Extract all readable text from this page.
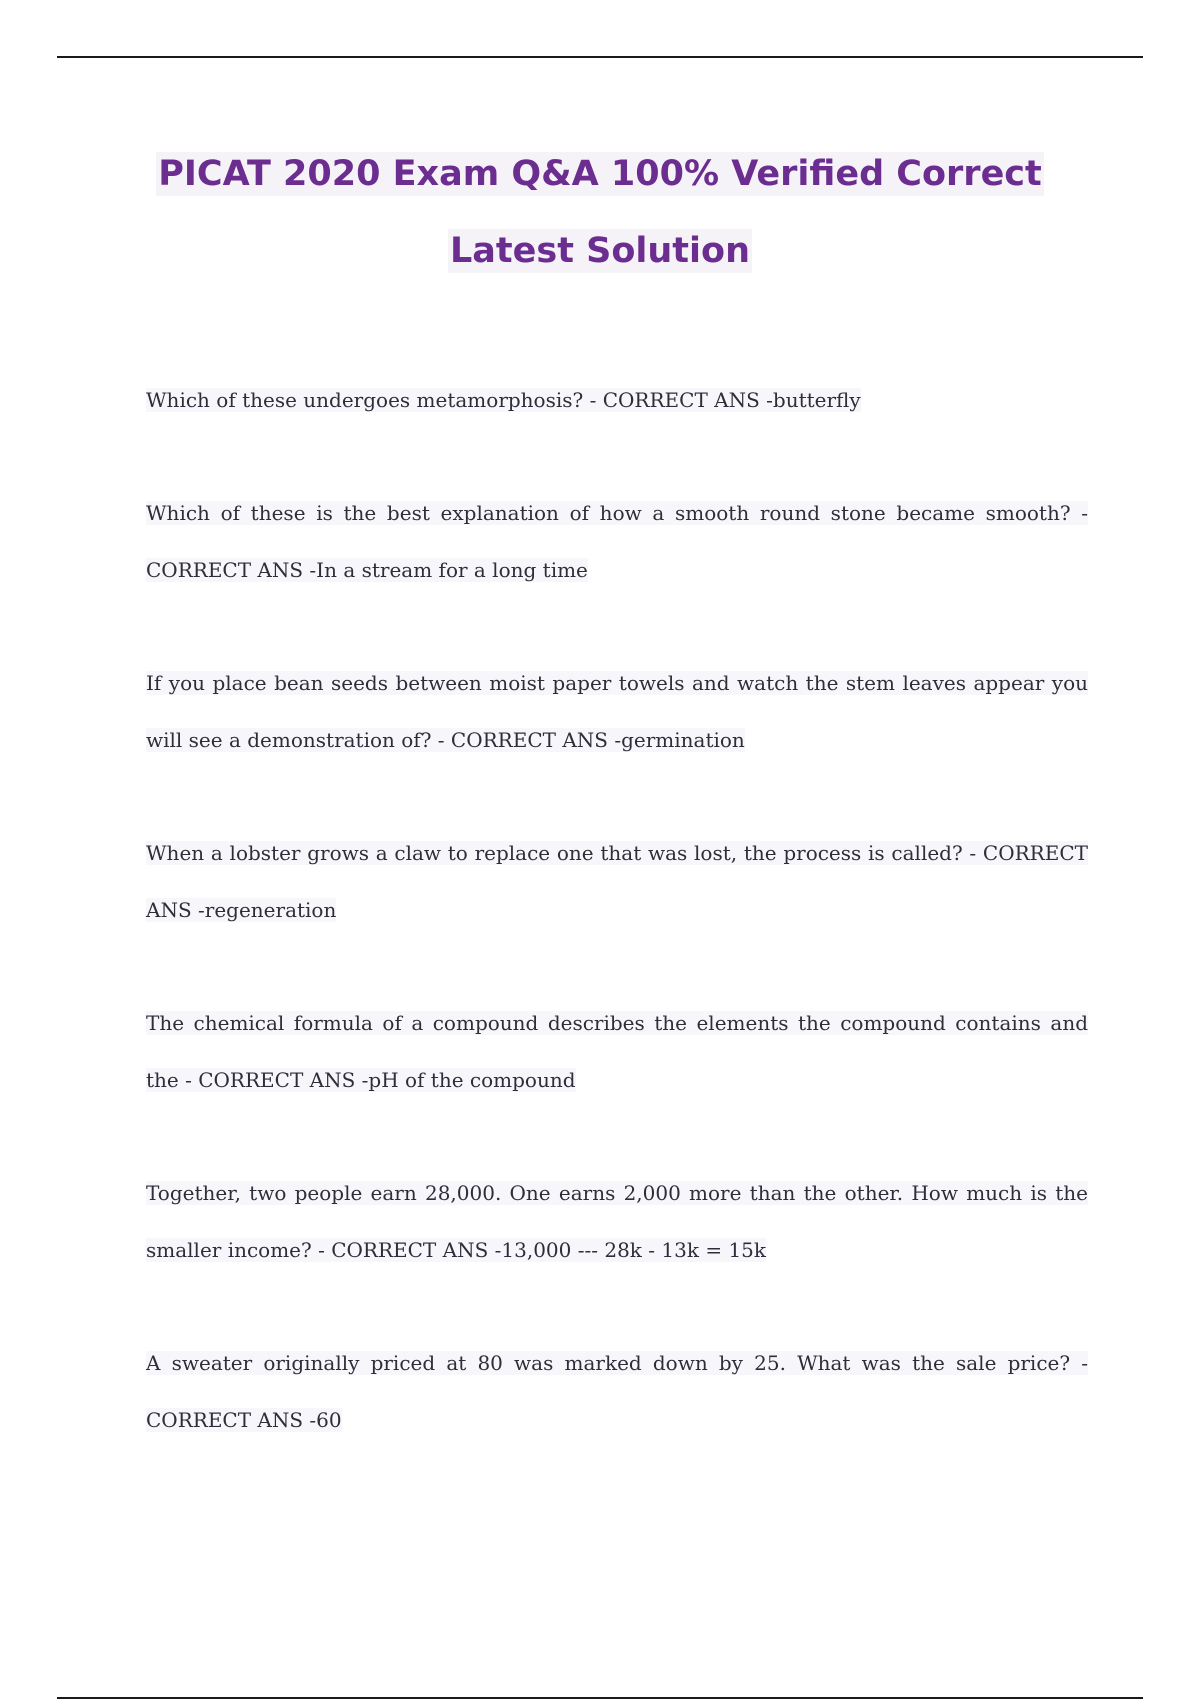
PICAT 2020 Exam Q&A 100% Verified Correct
Latest Solution
Which of these undergoes metamorphosis? - CORRECT ANS -butterfly
Which of these is the best explanation of how a smooth round stone became smooth? - CORRECT ANS -In a stream for a long time
If you place bean seeds between moist paper towels and watch the stem leaves appear you will see a demonstration of? - CORRECT ANS -germination
When a lobster grows a claw to replace one that was lost, the process is called? - CORRECT ANS -regeneration
The chemical formula of a compound describes the elements the compound contains and the - CORRECT ANS -pH of the compound
Together, two people earn 28,000. One earns 2,000 more than the other. How much is the smaller income? - CORRECT ANS -13,000 --- 28k - 13k = 15k
A sweater originally priced at 80 was marked down by 25. What was the sale price? - CORRECT ANS -60
